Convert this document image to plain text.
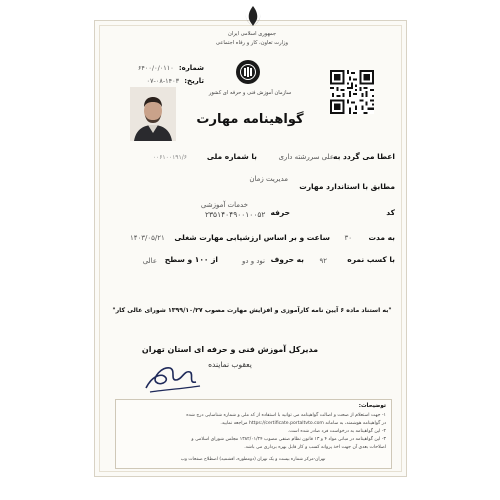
جمهوری اسلامی ایران
وزارت تعاون، کار و رفاه اجتماعی
شماره: ۶۴۰۰/۰/۰۱۱۰
تاریخ: ۱۴۰۳-۰۸-۰۷
سازمان آموزش فنی و حرفه ای کشور
گواهینامه مهارت
اعطا می گردد به
علی سررشته داری
با شماره ملی
۰۰۶۱۰۰۱۹۱/۶
مدیریت زمان
مطابق با استاندارد مهارت
خدمات آموزشی
حرفه	کد
۲۳۵۱۴۰۴۹۰۰۱۰۰۵۲
به مدت
۳۰
ساعت و بر اساس ارزشیابی مهارت شغلی
۱۴۰۳/۰۵/۲۱
با کسب نمره
۹۲
به حروف
نود و دو
از ۱۰۰ و سطح
عالی
"به استناد ماده ۶ آیین نامه کارآموزی و افزایش مهارت مصوب ۱۳۹۹/۱۰/۲۷ شورای عالی کار"
مدیرکل آموزش فنی و حرفه ای استان تهران
یعقوب نماینده
توضیحات:
۱- جهت استعلام از صحت و اصالت گواهینامه می توانید با استفاده از کد ملی و شماره شناسایی درج شده
در گواهینامه هوشمند، به سامانه https://certificate.portaltvto.com مراجعه نمایید.
۲- این گواهینامه به درخواست فرد صادر شده است.
۳- این گواهینامه در مبانی مواد ۴ و ۱۳ قانون نظام صنفی مصوب ۱۳۸۲/۰۱/۲۴ مجلس شورای اسلامی و
اصلاحات بعدی آن جهت اخذ پروانه کسب و کار قابل بهره برداری می باشد.
تهران-مرکز شماره بیست و یک تهران (دومطوره، افشمیه) اصطلاح صفحات وب
